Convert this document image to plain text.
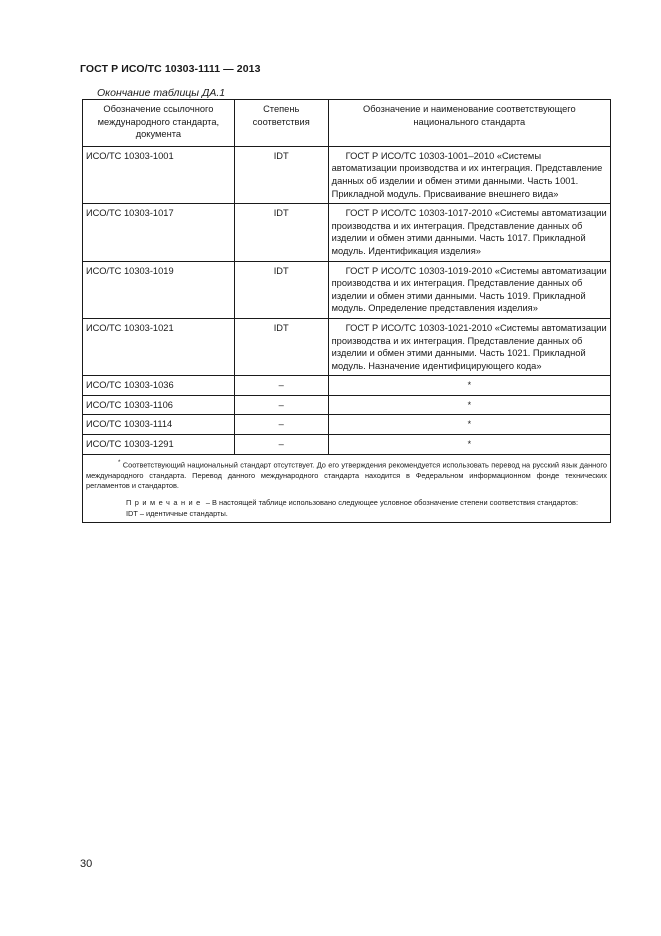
ГОСТ Р ИСО/ТС 10303-1111 — 2013
Окончание таблицы ДА.1
Обозначение ссылочного международного стандарта, документа	Степень соответствия	Обозначение и наименование соответствующего национального стандарта
ИСО/ТС 10303-1001	IDT	ГОСТ Р ИСО/ТС 10303-1001–2010 «Системы автоматизации производства и их интеграция. Представление данных об изделии и обмен этими данными. Часть 1001. Прикладной модуль. Присваивание внешнего вида»

ИСО/ТС 10303-1017	IDT	ГОСТ Р ИСО/ТС 10303-1017-2010 «Системы автоматизации производства и их интеграция. Представление данных об изделии и обмен этими данными. Часть 1017. Прикладной модуль. Идентификация изделия»

ИСО/ТС 10303-1019	IDT	ГОСТ Р ИСО/ТС 10303-1019-2010 «Системы автоматизации производства и их интеграция. Представление данных об изделии и обмен этими данными. Часть 1019. Прикладной модуль. Определение представления изделия»

ИСО/ТС 10303-1021	IDT	ГОСТ Р ИСО/ТС 10303-1021-2010 «Системы автоматизации производства и их интеграция. Представление данных об изделии и обмен этими данными. Часть 1021. Прикладной модуль. Назначение идентифицирующего кода»

ИСО/ТС 10303-1036	–	*
ИСО/ТС 10303-1106	–	*
ИСО/ТС 10303-1114	–	*
ИСО/ТС 10303-1291	–	*

* Соответствующий национальный стандарт отсутствует. До его утверждения рекомендуется использовать перевод на русский язык данного международного стандарта. Перевод данного международного стандарта находится в Федеральном информационном фонде технических регламентов и стандартов.

Примечание – В настоящей таблице использовано следующее условное обозначение степени соответствия стандартов:

IDT – идентичные стандарты.		

30
